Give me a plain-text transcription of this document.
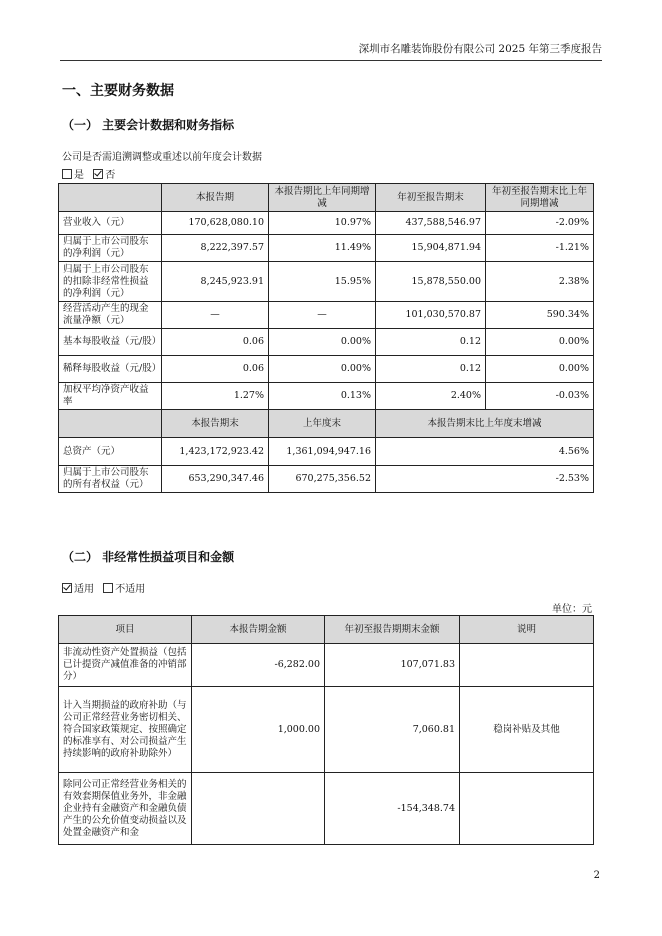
深圳市名雕装饰股份有限公司 2025 年第三季度报告
一、主要财务数据
（一） 主要会计数据和财务指标
公司是否需追溯调整或重述以前年度会计数据
是 否
	本报告期	本报告期比上年同期增减	年初至报告期末	年初至报告期末比上年同期增减
营业收入（元）	170,628,080.10	10.97%	437,588,546.97	-2.09%
归属于上市公司股东的净利润（元）	8,222,397.57	11.49%	15,904,871.94	-1.21%
归属于上市公司股东的扣除非经常性损益的净利润（元）	8,245,923.91	15.95%	15,878,550.00	2.38%
经营活动产生的现金流量净额（元）	—	—	101,030,570.87	590.34%
基本每股收益（元/股）	0.06	0.00%	0.12	0.00%
稀释每股收益（元/股）	0.06	0.00%	0.12	0.00%
加权平均净资产收益率	1.27%	0.13%	2.40%	-0.03%
	本报告期末	上年度末	本报告期末比上年度末增减	
总资产（元）	1,423,172,923.42	1,361,094,947.16	4.56%	
归属于上市公司股东的所有者权益（元）	653,290,347.46	670,275,356.52	-2.53%	
（二） 非经常性损益项目和金额
适用 不适用
单位：元
项目	本报告期金额	年初至报告期期末金额	说明
非流动性资产处置损益（包括已计提资产减值准备的冲销部分）	-6,282.00	107,071.83	
计入当期损益的政府补助（与公司正常经营业务密切相关、符合国家政策规定、按照确定的标准享有、对公司损益产生持续影响的政府补助除外）	1,000.00	7,060.81	稳岗补贴及其他
除同公司正常经营业务相关的有效套期保值业务外，非金融企业持有金融资产和金融负债产生的公允价值变动损益以及处置金融资产和金		-154,348.74	
2
